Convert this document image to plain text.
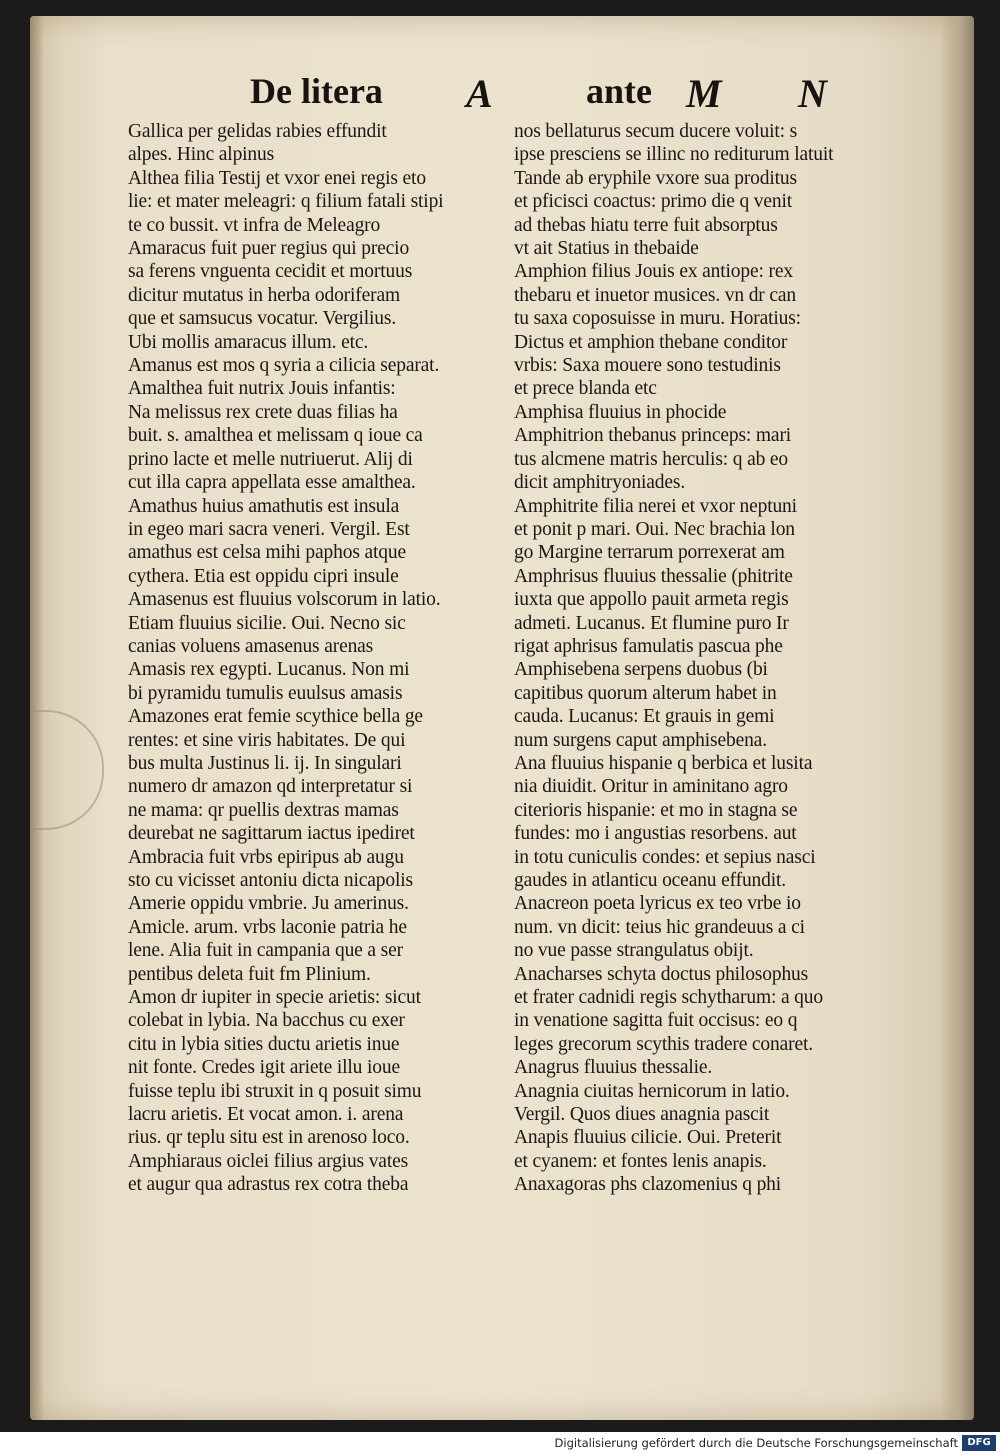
De litera A	ante M N
Gallica per gelidas rabies effundit
alpes. Hinc alpinus
Althea filia Testij et vxor enei regis eto
lie: et mater meleagri: q filium fatali stipi
te co bussit. vt infra de Meleagro
Amaracus fuit puer regius qui precio
sa ferens vnguenta cecidit et mortuus
dicitur mutatus in herba odoriferam
que et samsucus vocatur. Vergilius.
Ubi mollis amaracus illum. etc.
Amanus est mos q syria a cilicia separat.
Amalthea fuit nutrix Jouis infantis:
Na melissus rex crete duas filias ha
buit. s. amalthea et melissam q ioue ca
prino lacte et melle nutriuerut. Alij di
cut illa capra appellata esse amalthea.
Amathus huius amathutis est insula
in egeo mari sacra veneri. Vergil. Est
amathus est celsa mihi paphos atque
cythera. Etia est oppidu cipri insule
Amasenus est fluuius volscorum in latio.
Etiam fluuius sicilie. Oui. Necno sic
canias voluens amasenus arenas
Amasis rex egypti. Lucanus. Non mi
bi pyramidu tumulis euulsus amasis
Amazones erat femie scythice bella ge
rentes: et sine viris habitates. De qui
bus multa Justinus li. ij. In singulari
numero dr amazon qd interpretatur si
ne mama: qr puellis dextras mamas
deurebat ne sagittarum iactus ipediret
Ambracia fuit vrbs epiripus ab augu
sto cu vicisset antoniu dicta nicapolis
Amerie oppidu vmbrie. Ju amerinus.
Amicle. arum. vrbs laconie patria he
lene. Alia fuit in campania que a ser
pentibus deleta fuit fm Plinium.
Amon dr iupiter in specie arietis: sicut
colebat in lybia. Na bacchus cu exer
citu in lybia sities ductu arietis inue
nit fonte. Credes igit ariete illu ioue
fuisse teplu ibi struxit in q posuit simu
lacru arietis. Et vocat amon. i. arena
rius. qr teplu situ est in arenoso loco.
Amphiaraus oiclei filius argius vates
et augur qua adrastus rex cotra theba
nos bellaturus secum ducere voluit: s
ipse presciens se illinc no rediturum latuit
Tande ab eryphile vxore sua proditus
et pficisci coactus: primo die q venit
ad thebas hiatu terre fuit absorptus
vt ait Statius in thebaide
Amphion filius Jouis ex antiope: rex
thebaru et inuetor musices. vn dr can
tu saxa coposuisse in muru. Horatius:
Dictus et amphion thebane conditor
vrbis: Saxa mouere sono testudinis
et prece blanda etc
Amphisa fluuius in phocide
Amphitrion thebanus princeps: mari
tus alcmene matris herculis: q ab eo
dicit amphitryoniades.
Amphitrite filia nerei et vxor neptuni
et ponit p mari. Oui. Nec brachia lon
go Margine terrarum porrexerat am
Amphrisus fluuius thessalie (phitrite
iuxta que appollo pauit armeta regis
admeti. Lucanus. Et flumine puro Ir
rigat aphrisus famulatis pascua phe
Amphisebena serpens duobus (bi
capitibus quorum alterum habet in
cauda. Lucanus: Et grauis in gemi
num surgens caput amphisebena.
Ana fluuius hispanie q berbica et lusita
nia diuidit. Oritur in aminitano agro
citerioris hispanie: et mo in stagna se
fundes: mo i angustias resorbens. aut
in totu cuniculis condes: et sepius nasci
gaudes in atlanticu oceanu effundit.
Anacreon poeta lyricus ex teo vrbe io
num. vn dicit: teius hic grandeuus a ci
no vue passe strangulatus obijt.
Anacharses schyta doctus philosophus
et frater cadnidi regis schytharum: a quo
in venatione sagitta fuit occisus: eo q
leges grecorum scythis tradere conaret.
Anagrus fluuius thessalie.
Anagnia ciuitas hernicorum in latio.
Vergil. Quos diues anagnia pascit
Anapis fluuius cilicie. Oui. Preterit
et cyanem: et fontes lenis anapis.
Anaxagoras phs clazomenius q phi
Digitalisierung gefördert durch die Deutsche Forschungsgemeinschaft DFG
